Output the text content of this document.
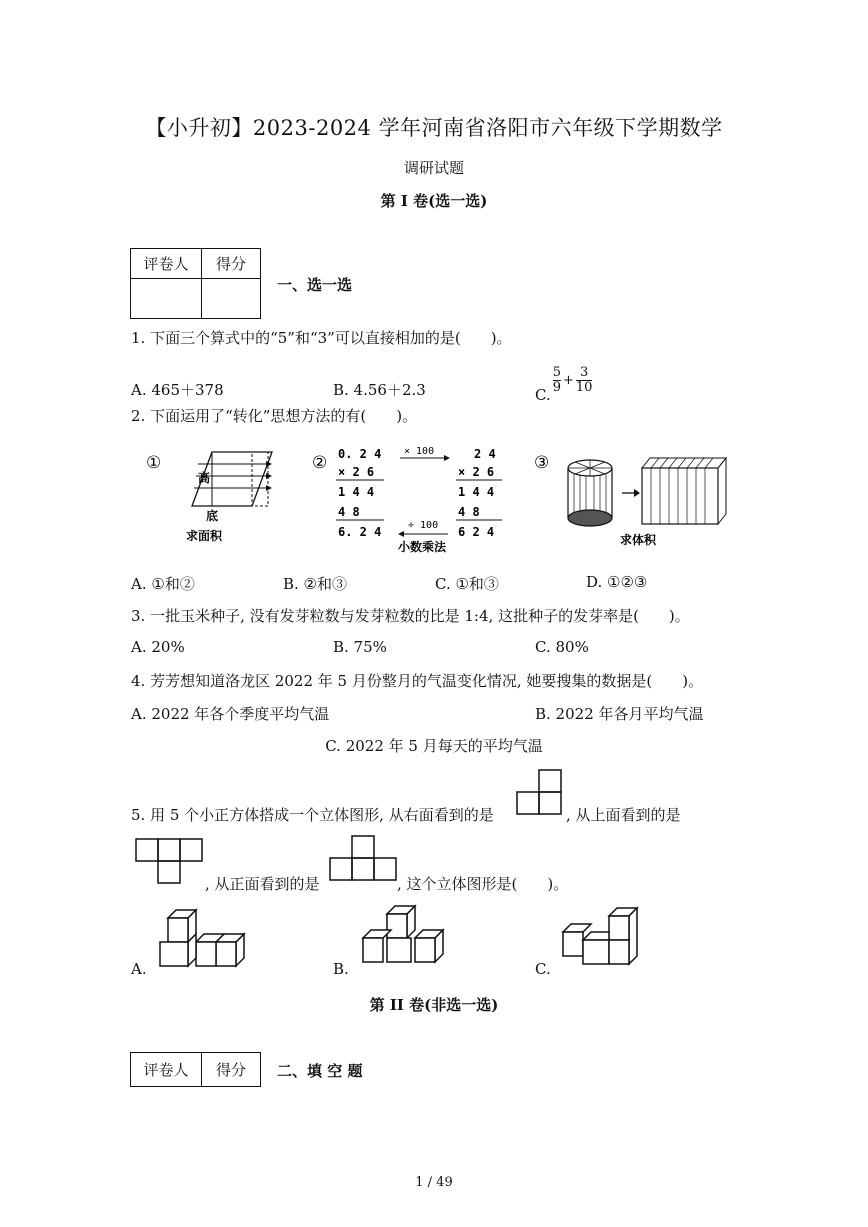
【小升初】2023-2024 学年河南省洛阳市六年级下学期数学
调研试题
第 I 卷(选一选)
评卷人	得分

一、选一选
1. 下面三个算式中的“5”和“3”可以直接相加的是(　　)。
A. 465＋378	B. 4.56＋2.3	C.
$\frac{5}{9} + \frac{3}{10}$
2. 下面运用了“转化”思想方法的有(　　)。
①
高
底
求面积
② 0. 2 4
× 2 6
1 4 4
4 8
6. 2 4
2 4
× 2 6
1 4 4
4 8
6 2 4
× 100
÷ 100
小数乘法
③
求体积
A. ①和②	B. ②和③	C. ①和③	D. ①②③
3. 一批玉米种子, 没有发芽粒数与发芽粒数的比是 1:4, 这批种子的发芽率是(　　)。
A. 20%	B. 75%	C. 80%
4. 芳芳想知道洛龙区 2022 年 5 月份整月的气温变化情况, 她要搜集的数据是(　　)。
A. 2022 年各个季度平均气温	B. 2022 年各月平均气温
C. 2022 年 5 月每天的平均气温
5. 用 5 个小正方体搭成一个立体图形, 从右面看到的是	, 从上面看到的是
, 从正面看到的是	, 这个立体图形是(　　)。
A.	B.	C.
第 II 卷(非选一选)
评卷人	得分 二、填 空 题
1 / 49
